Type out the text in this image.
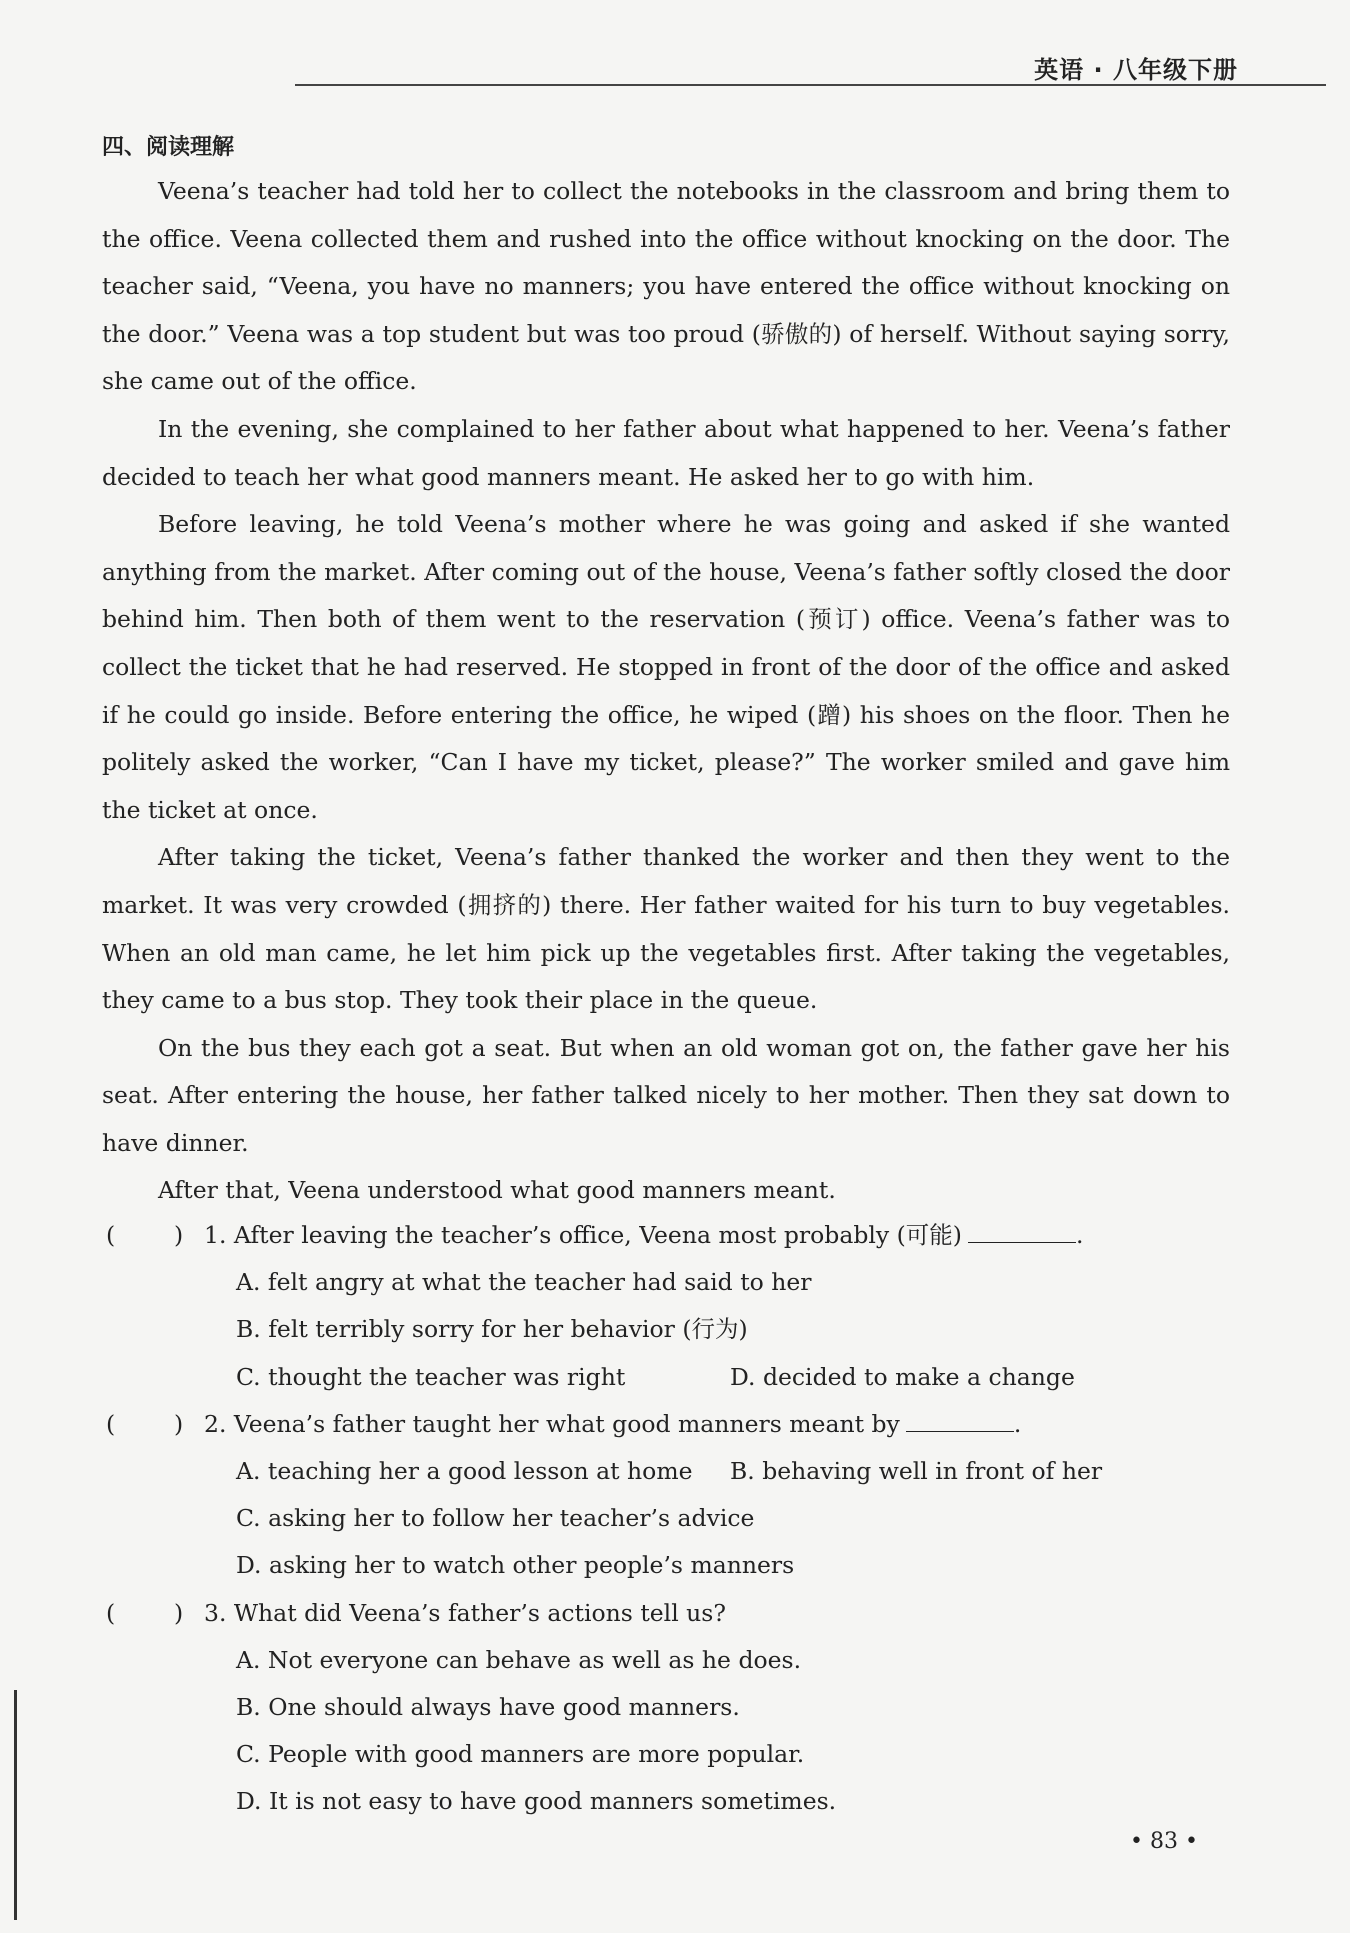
英语 · 八年级下册
四、阅读理解

Veena’s teacher had told her to collect the notebooks in the classroom and bring them to the office. Veena collected them and rushed into the office without knocking on the door. The teacher said, “Veena, you have no manners; you have entered the office without knocking on the door.” Veena was a top student but was too proud (骄傲的) of herself. Without saying sorry, she came out of the office.

In the evening, she complained to her father about what happened to her. Veena’s father decided to teach her what good manners meant. He asked her to go with him.

Before leaving, he told Veena’s mother where he was going and asked if she wanted anything from the market. After coming out of the house, Veena’s father softly closed the door behind him. Then both of them went to the reservation (预订) office. Veena’s father was to collect the ticket that he had reserved. He stopped in front of the door of the office and asked if he could go inside. Before entering the office, he wiped (蹭) his shoes on the floor. Then he politely asked the worker, “Can I have my ticket, please?” The worker smiled and gave him the ticket at once.

After taking the ticket, Veena’s father thanked the worker and then they went to the market. It was very crowded (拥挤的) there. Her father waited for his turn to buy vegetables. When an old man came, he let him pick up the vegetables first. After taking the vegetables, they came to a bus stop. They took their place in the queue.

On the bus they each got a seat. But when an old woman got on, the father gave her his seat. After entering the house, her father talked nicely to her mother. Then they sat down to have dinner.

After that, Veena understood what good manners meant.

(	) 1. After leaving the teacher’s office, Veena most probably (可能)	.
A. felt angry at what the teacher had said to her
B. felt terribly sorry for her behavior (行为)
C. thought the teacher was right	D. decided to make a change
(	) 2. Veena’s father taught her what good manners meant by	.
A. teaching her a good lesson at home B. behaving well in front of her
C. asking her to follow her teacher’s advice
D. asking her to watch other people’s manners
(	) 3. What did Veena’s father’s actions tell us?
A. Not everyone can behave as well as he does.
B. One should always have good manners.
C. People with good manners are more popular.
D. It is not easy to have good manners sometimes.
• 83 •
